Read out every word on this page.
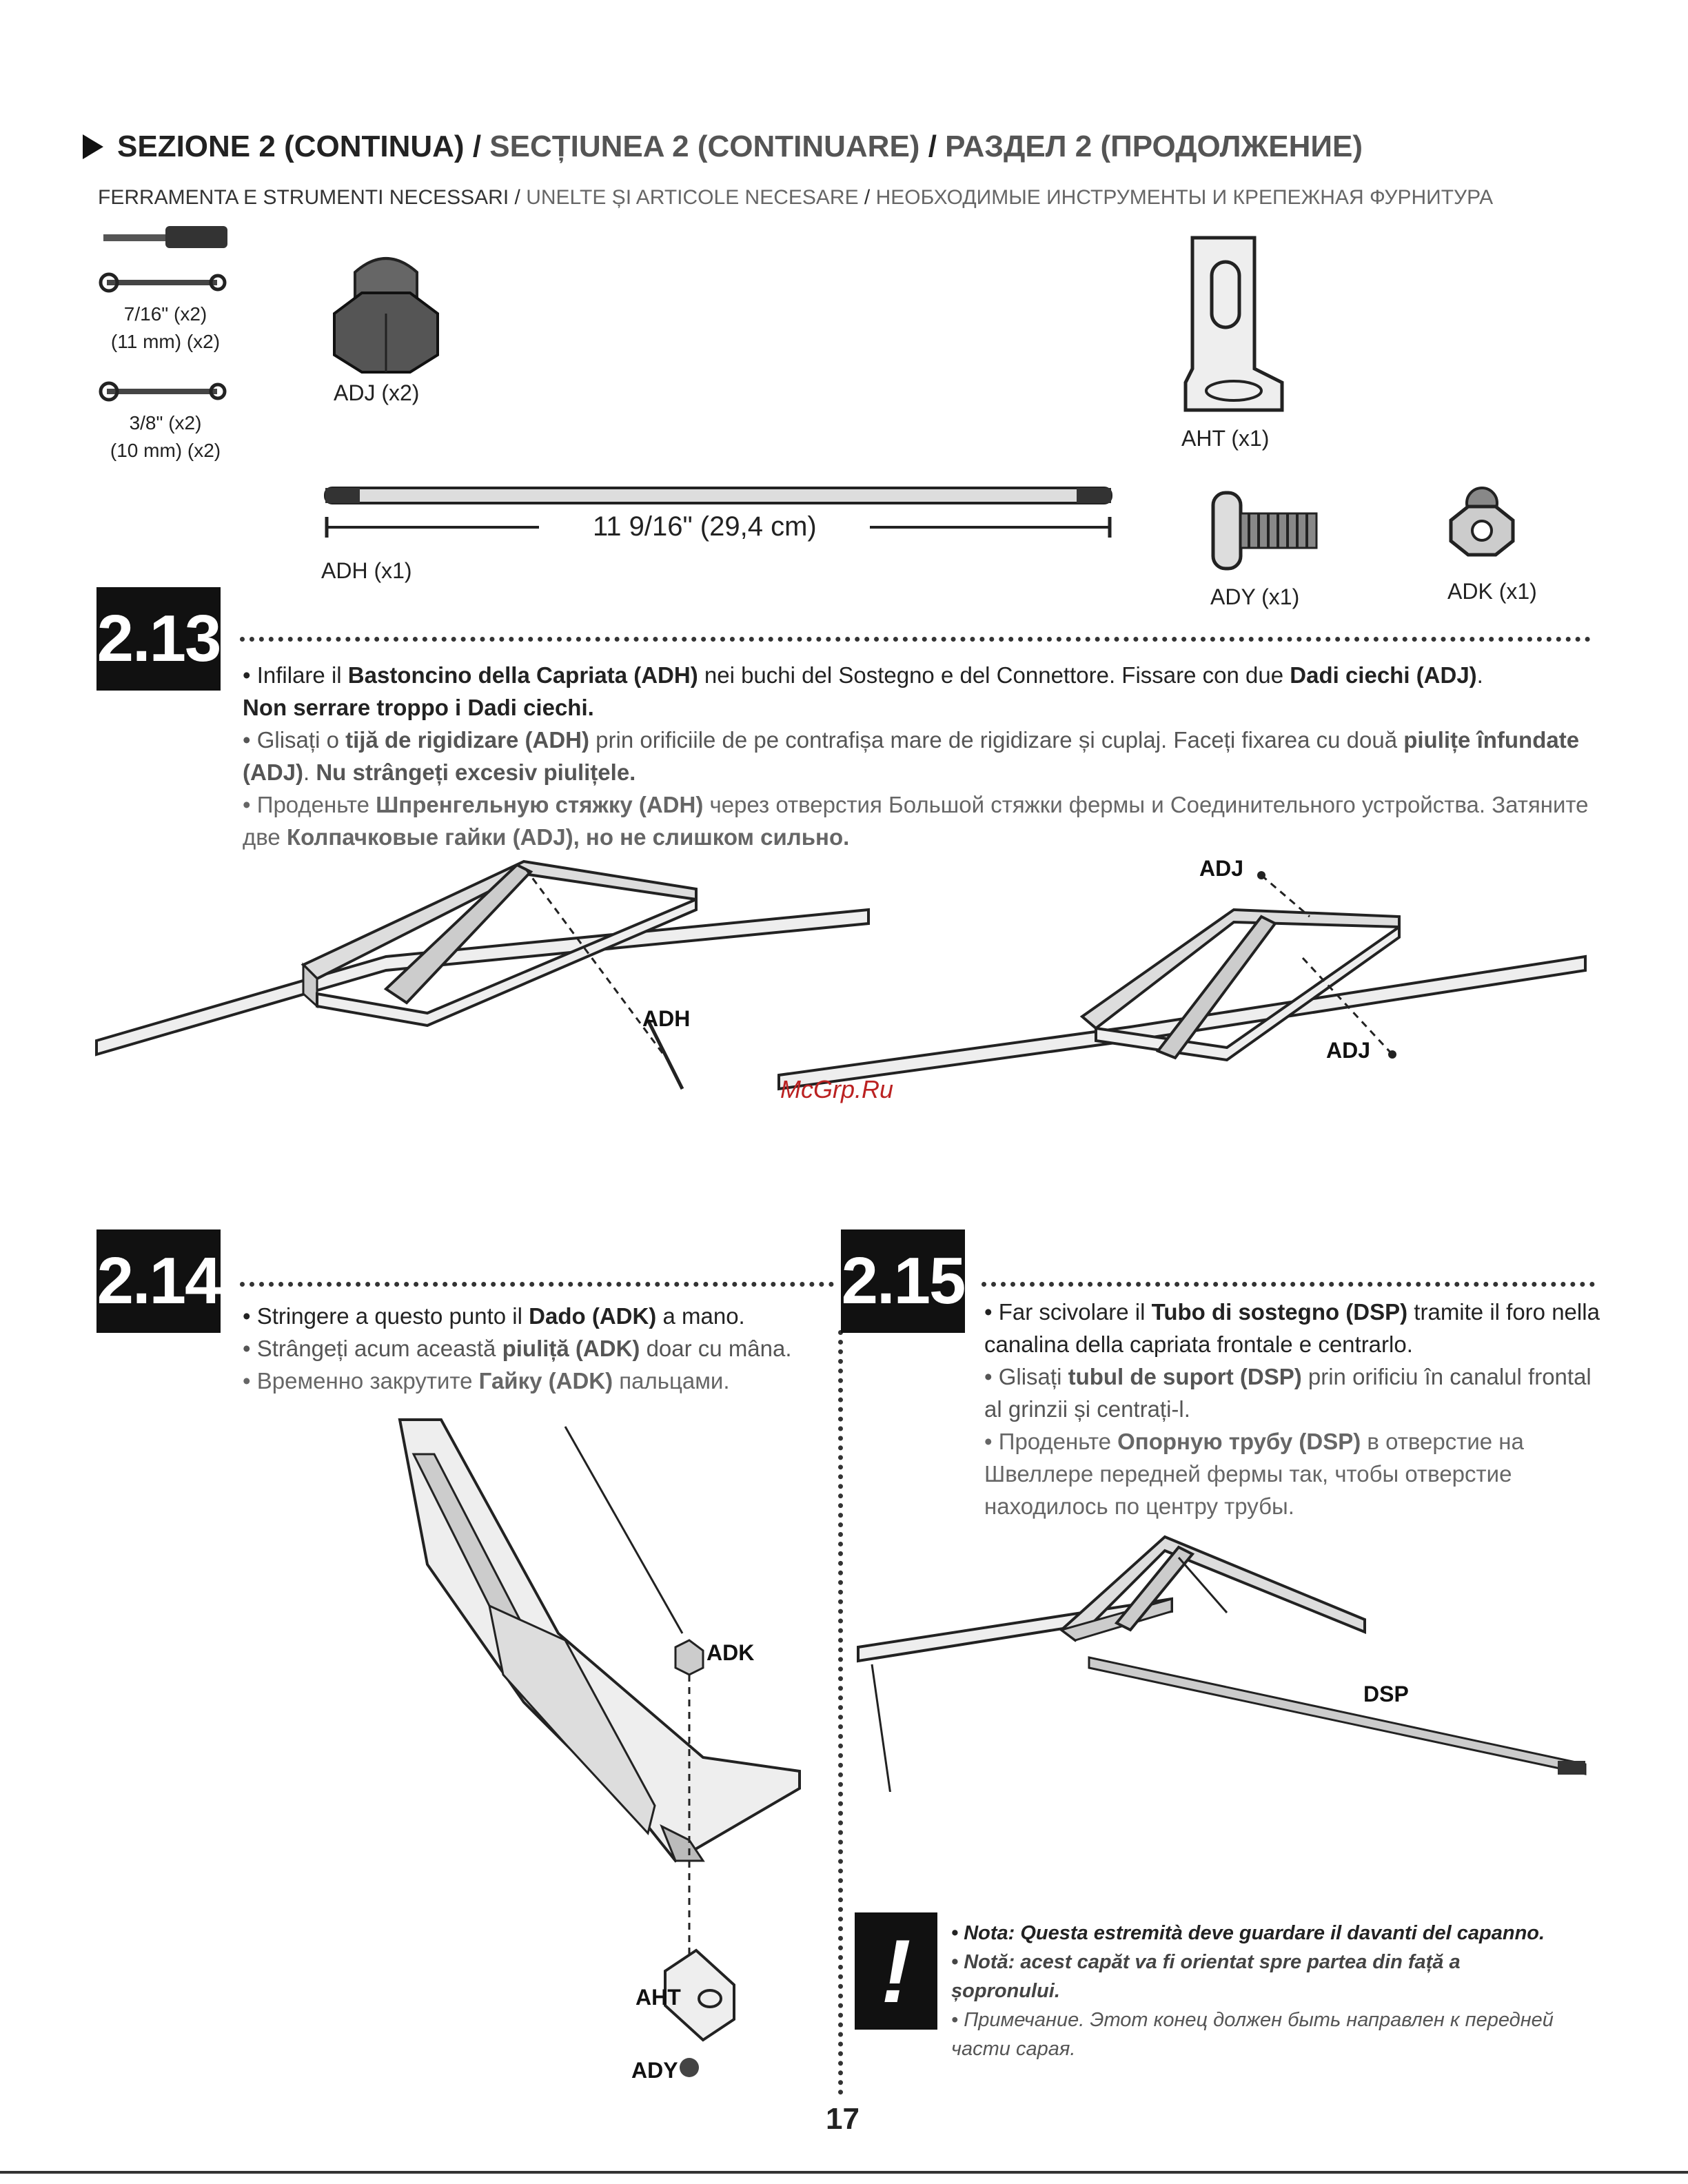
SEZIONE 2 (CONTINUA) / SECȚIUNEA 2 (CONTINUARE) / РАЗДЕЛ 2 (ПРОДОЛЖЕНИЕ)
FERRAMENTA E STRUMENTI NECESSARI / UNELTE ȘI ARTICOLE NECESARE / НЕОБХОДИМЫЕ ИНСТРУМЕНТЫ И КРЕПЕЖНАЯ ФУРНИТУРА
7/16" (x2)
(11 mm) (x2)
3/8" (x2)
(10 mm) (x2)
ADJ (x2)
AHT (x1)
11 9/16" (29,4 cm)
ADH (x1)
ADY (x1)	ADK (x1)
2.13 • Infilare il Bastoncino della Capriata (ADH) nei buchi del Sostegno e del Connettore. Fissare con due Dadi ciechi (ADJ).
Non serrare troppo i Dadi ciechi.

• Glisați o tijă de rigidizare (ADH) prin orificiile de pe contrafișa mare de rigidizare și cuplaj. Faceți fixarea cu două piulițe înfundate (ADJ). Nu strângeți excesiv piulițele.

• Проденьте Шпренгельную стяжку (ADH) через отверстия Большой стяжки фермы и Соединительного устройства. Затяните две Колпачковые гайки (ADJ), но не слишком сильно.

ADH
ADJ
ADJ
McGrp.Ru
2.14 • Stringere a questo punto il Dado (ADK) a mano.

• Strângeți acum această piuliță (ADK) doar cu mâna.

• Временно закрутите Гайку (ADK) пальцами.

ADK
AHT
ADY
2.15 • Far scivolare il Tubo di sostegno (DSP) tramite il foro nella canalina della capriata frontale e centrarlo.

• Glisați tubul de suport (DSP) prin orificiu în canalul frontal al grinzii și centrați-l.

• Проденьте Опорную трубу (DSP) в отверстие на Швеллере передней фермы так, чтобы отверстие находилось по центру трубы.

DSP
!	• Nota: Questa estremità deve guardare il davanti del capanno.
• Notă: acest capăt va fi orientat spre partea din față a șopronului.
• Примечание. Этот конец должен быть направлен к передней части сарая.
17
